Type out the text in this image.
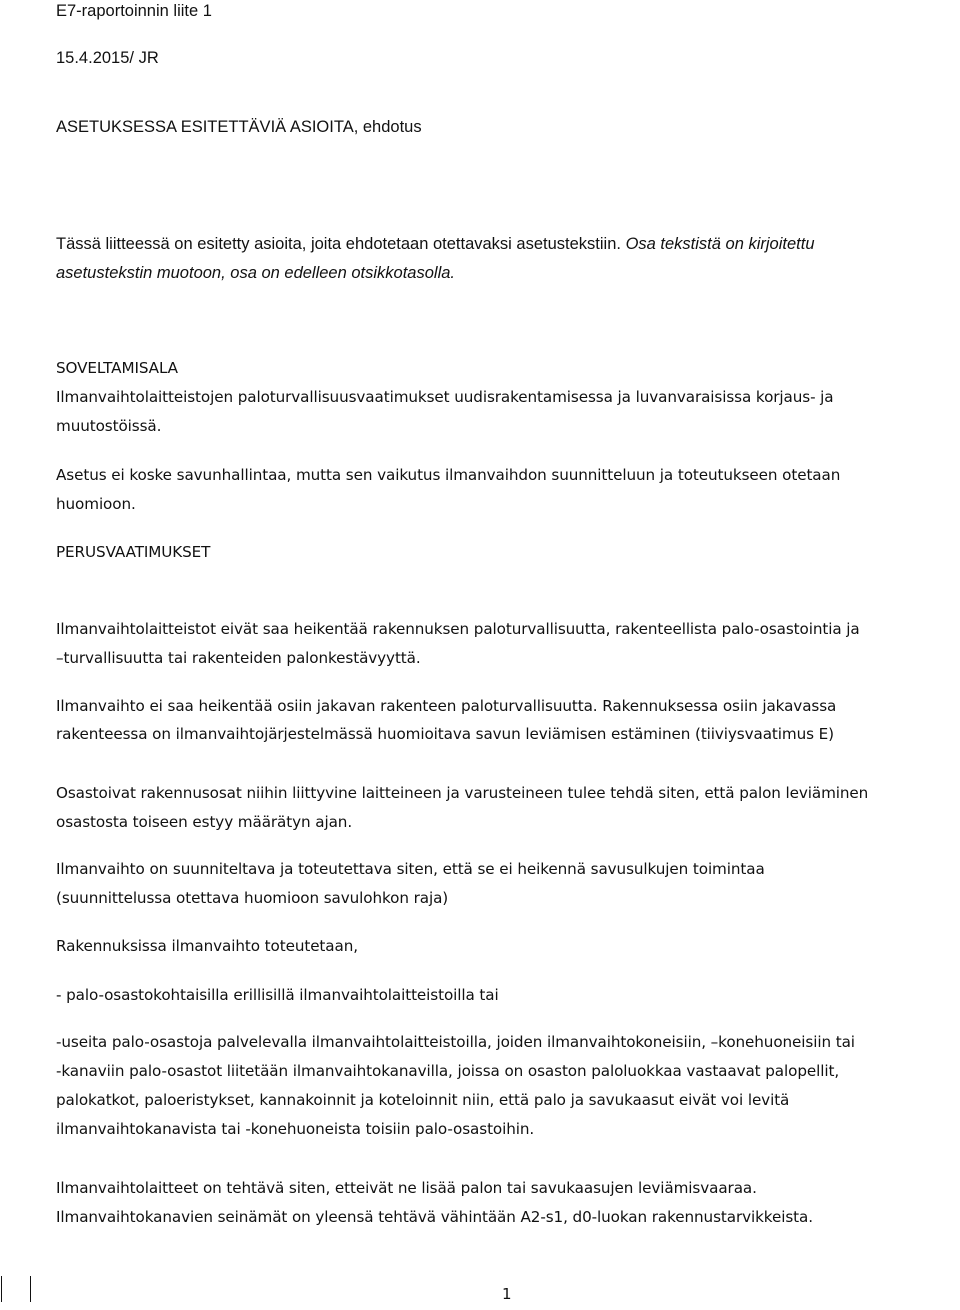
E7-raportoinnin liite 1
15.4.2015/ JR
ASETUKSESSA ESITETTÄVIÄ ASIOITA, ehdotus
Tässä liitteessä on esitetty asioita, joita ehdotetaan otettavaksi asetustekstiin. Osa tekstistä on kirjoitettu
asetustekstin muotoon, osa on edelleen otsikkotasolla.
SOVELTAMISALA
Ilmanvaihtolaitteistojen paloturvallisuusvaatimukset uudisrakentamisessa ja luvanvaraisissa korjaus- ja
muutostöissä.
Asetus ei koske savunhallintaa, mutta sen vaikutus ilmanvaihdon suunnitteluun ja toteutukseen otetaan
huomioon.
PERUSVAATIMUKSET
Ilmanvaihtolaitteistot eivät saa heikentää rakennuksen paloturvallisuutta, rakenteellista palo-osastointia ja
–turvallisuutta tai rakenteiden palonkestävyyttä.
Ilmanvaihto ei saa heikentää osiin jakavan rakenteen paloturvallisuutta. Rakennuksessa osiin jakavassa
rakenteessa on ilmanvaihtojärjestelmässä huomioitava savun leviämisen estäminen (tiiviysvaatimus E)
Osastoivat rakennusosat niihin liittyvine laitteineen ja varusteineen tulee tehdä siten, että palon leviäminen
osastosta toiseen estyy määrätyn ajan.
Ilmanvaihto on suunniteltava ja toteutettava siten, että se ei heikennä savusulkujen toimintaa
(suunnittelussa otettava huomioon savulohkon raja)
Rakennuksissa ilmanvaihto toteutetaan,
- palo-osastokohtaisilla erillisillä ilmanvaihtolaitteistoilla tai
-useita palo-osastoja palvelevalla ilmanvaihtolaitteistoilla, joiden ilmanvaihtokoneisiin, –konehuoneisiin tai
-kanaviin palo-osastot liitetään ilmanvaihtokanavilla, joissa on osaston paloluokkaa vastaavat palopellit,
palokatkot, paloeristykset, kannakoinnit ja koteloinnit niin, että palo ja savukaasut eivät voi levitä
ilmanvaihtokanavista tai -konehuoneista toisiin palo-osastoihin.
Ilmanvaihtolaitteet on tehtävä siten, etteivät ne lisää palon tai savukaasujen leviämisvaaraa.
Ilmanvaihtokanavien seinämät on yleensä tehtävä vähintään A2-s1, d0-luokan rakennustarvikkeista.
1
